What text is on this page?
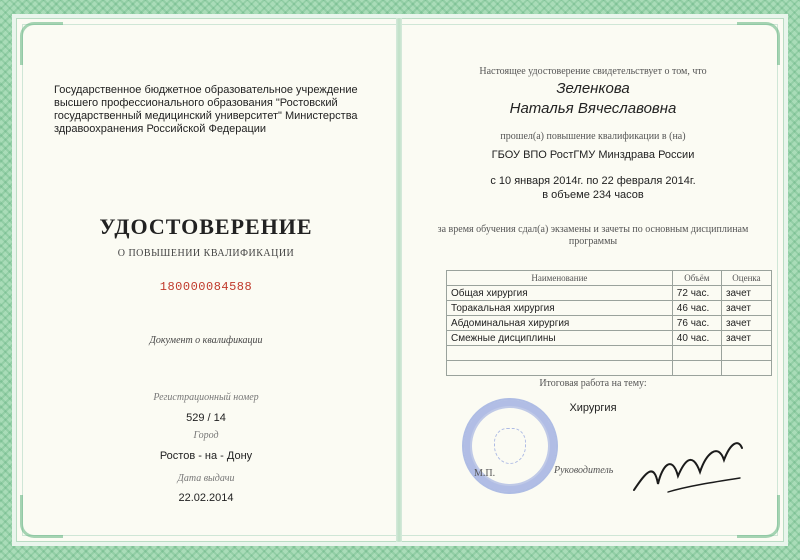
Государственное бюджетное образовательное учреждение высшего профессионального образования "Ростовский государственный медицинский университет" Министерства здравоохранения Российской Федерации
УДОСТОВЕРЕНИЕ
О ПОВЫШЕНИИ КВАЛИФИКАЦИИ
180000084588
Документ о квалификации
Регистрационный номер
529 / 14
Город
Ростов - на - Дону
Дата выдачи
22.02.2014
Настоящее удостоверение свидетельствует о том, что
Зеленкова
Наталья Вячеславовна
прошел(а) повышение квалификации в (на)
ГБОУ ВПО РостГМУ Минздрава России
с 10 января 2014г. по 22 февраля 2014г.
в объеме 234 часов
за время обучения сдал(а) экзамены и зачеты по основным дисциплинам
программы
Наименование	Объём	Оценка
Общая хирургия	72 час.	зачет
Торакальная хирургия	46 час.	зачет
Абдоминальная хирургия	76 час.	зачет
Смежные дисциплины	40 час.	зачет

Итоговая работа на тему:
Хирургия
М.П.	Руководитель
